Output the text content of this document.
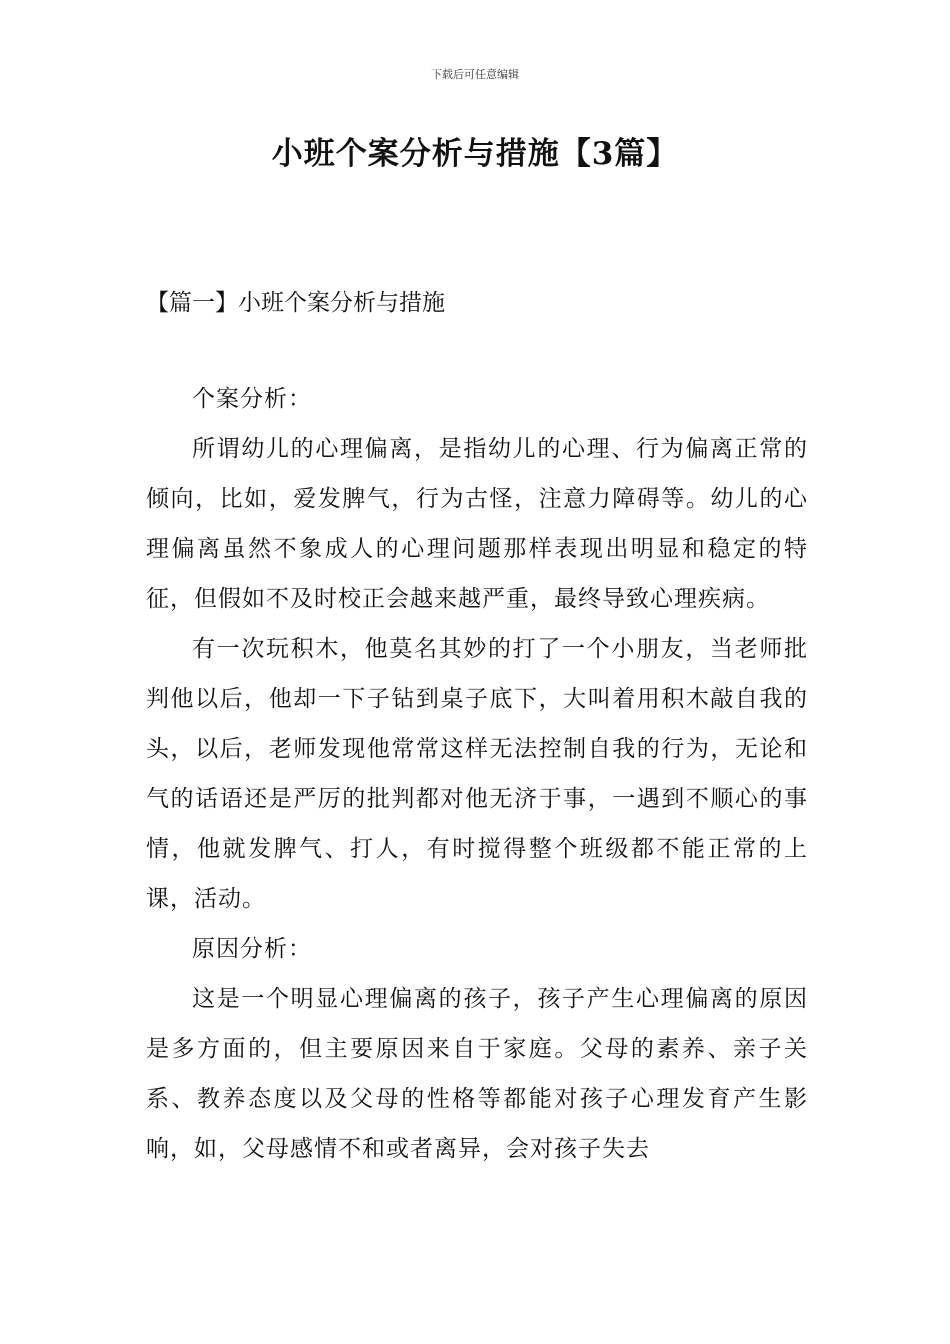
下载后可任意编辑
小班个案分析与措施【3篇】
【篇一】小班个案分析与措施

个案分析：

所谓幼儿的心理偏离，是指幼儿的心理、行为偏离正常的倾向，比如，爱发脾气，行为古怪，注意力障碍等。幼儿的心理偏离虽然不象成人的心理问题那样表现出明显和稳定的特征，但假如不及时校正会越来越严重，最终导致心理疾病。

有一次玩积木，他莫名其妙的打了一个小朋友，当老师批判他以后，他却一下子钻到桌子底下，大叫着用积木敲自我的头，以后，老师发现他常常这样无法控制自我的行为，无论和气的话语还是严厉的批判都对他无济于事，一遇到不顺心的事情，他就发脾气、打人，有时搅得整个班级都不能正常的上课，活动。

原因分析：

这是一个明显心理偏离的孩子，孩子产生心理偏离的原因是多方面的，但主要原因来自于家庭。父母的素养、亲子关系、教养态度以及父母的性格等都能对孩子心理发育产生影响，如，父母感情不和或者离异，会对孩子失去
